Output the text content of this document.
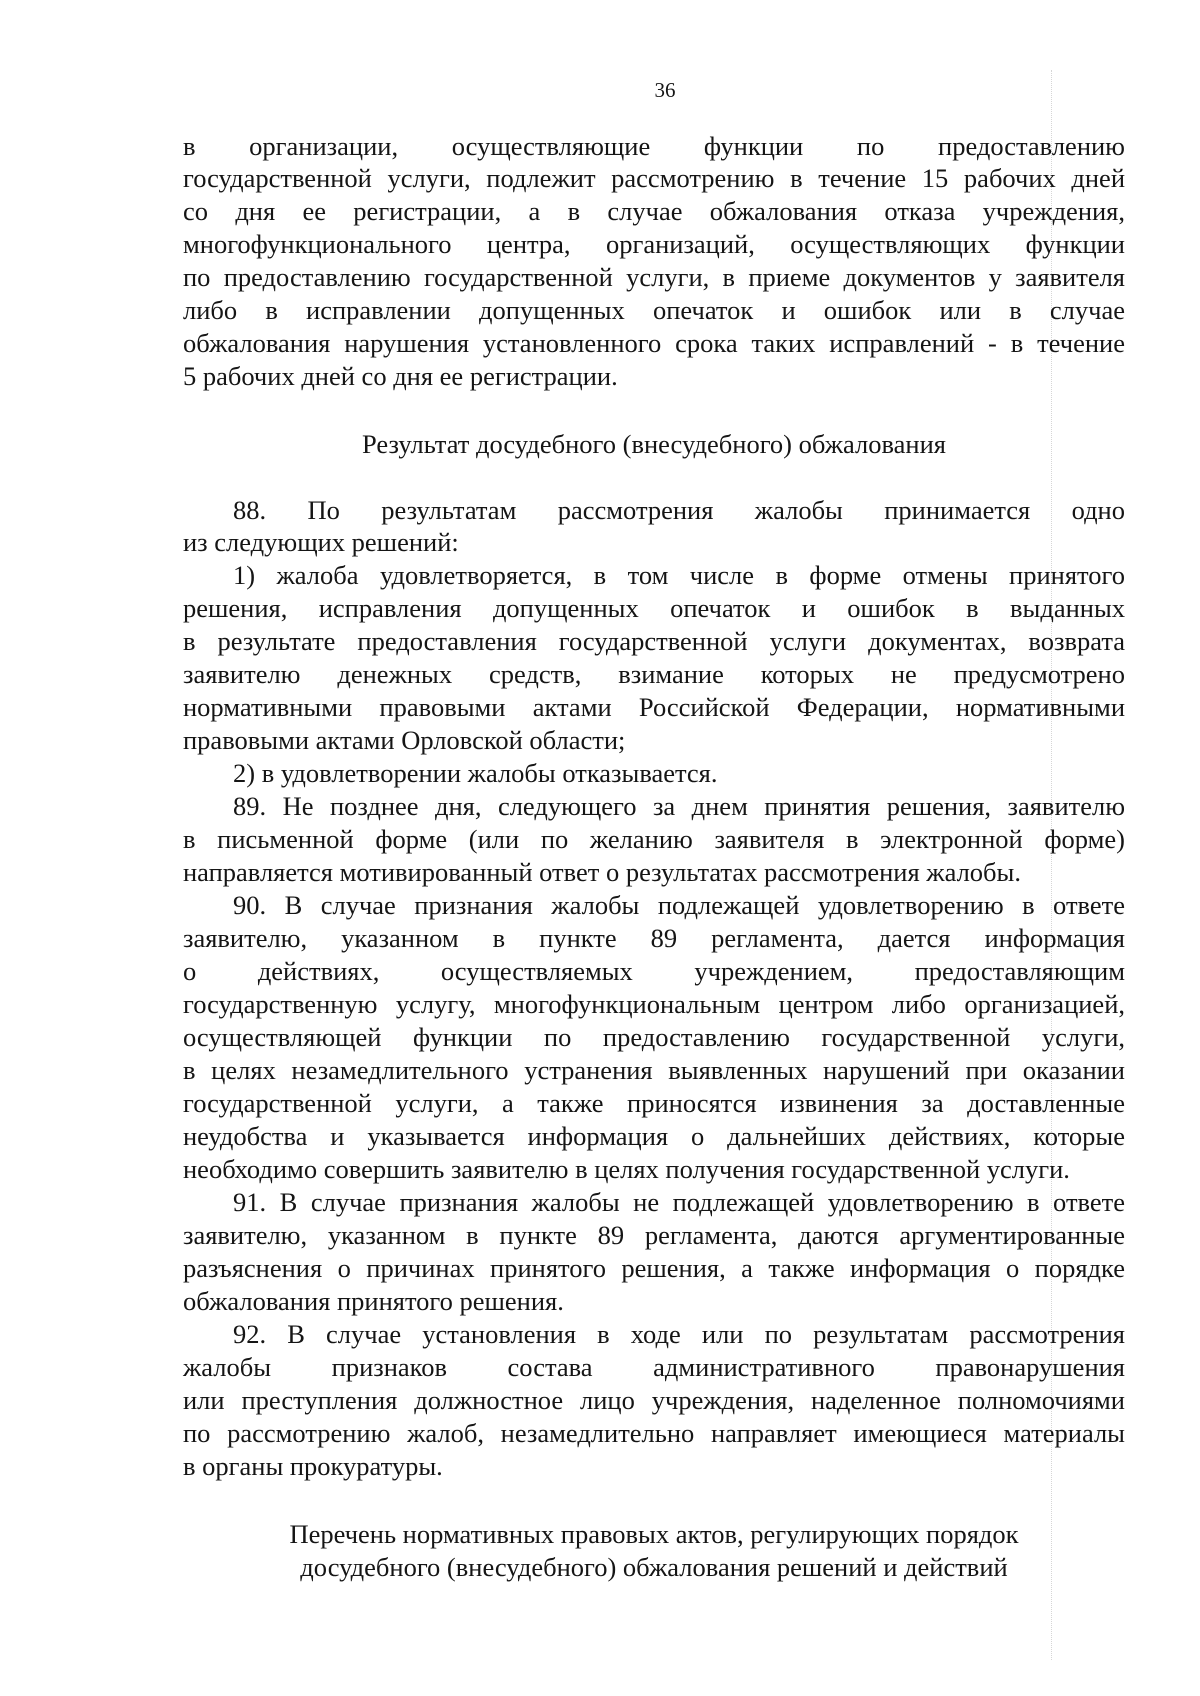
36
в организации, осуществляющие функции по предоставлению
государственной услуги, подлежит рассмотрению в течение 15 рабочих дней
со дня ее регистрации, а в случае обжалования отказа учреждения,
многофункционального центра, организаций, осуществляющих функции
по предоставлению государственной услуги, в приеме документов у заявителя
либо в исправлении допущенных опечаток и ошибок или в случае
обжалования нарушения установленного срока таких исправлений - в течение
5 рабочих дней со дня ее регистрации.
Результат досудебного (внесудебного) обжалования
88. По результатам рассмотрения жалобы принимается одно
из следующих решений:
1) жалоба удовлетворяется, в том числе в форме отмены принятого
решения, исправления допущенных опечаток и ошибок в выданных
в результате предоставления государственной услуги документах, возврата
заявителю денежных средств, взимание которых не предусмотрено
нормативными правовыми актами Российской Федерации, нормативными
правовыми актами Орловской области;
2) в удовлетворении жалобы отказывается.
89. Не позднее дня, следующего за днем принятия решения, заявителю
в письменной форме (или по желанию заявителя в электронной форме)
направляется мотивированный ответ о результатах рассмотрения жалобы.
90. В случае признания жалобы подлежащей удовлетворению в ответе
заявителю, указанном в пункте 89 регламента, дается информация
о действиях, осуществляемых учреждением, предоставляющим
государственную услугу, многофункциональным центром либо организацией,
осуществляющей функции по предоставлению государственной услуги,
в целях незамедлительного устранения выявленных нарушений при оказании
государственной услуги, а также приносятся извинения за доставленные
неудобства и указывается информация о дальнейших действиях, которые
необходимо совершить заявителю в целях получения государственной услуги.
91. В случае признания жалобы не подлежащей удовлетворению в ответе
заявителю, указанном в пункте 89 регламента, даются аргументированные
разъяснения о причинах принятого решения, а также информация о порядке
обжалования принятого решения.
92. В случае установления в ходе или по результатам рассмотрения
жалобы признаков состава административного правонарушения
или преступления должностное лицо учреждения, наделенное полномочиями
по рассмотрению жалоб, незамедлительно направляет имеющиеся материалы
в органы прокуратуры.
Перечень нормативных правовых актов, регулирующих порядок
досудебного (внесудебного) обжалования решений и действий
